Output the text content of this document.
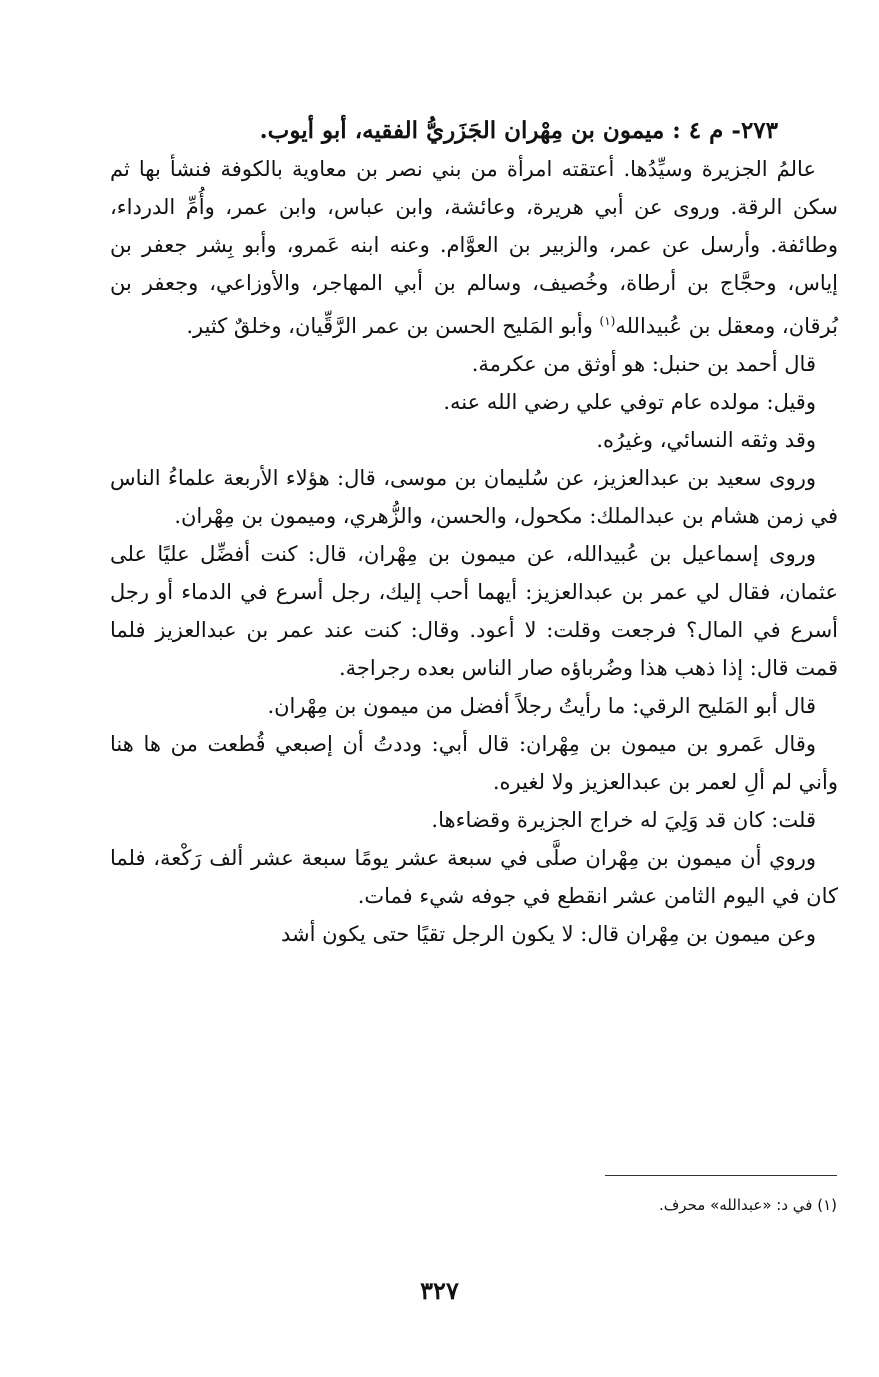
٢٧٣- م ٤ : ميمون بن مِهْران الجَزَريُّ الفقيه، أبو أيوب.

عالمُ الجزيرة وسيِّدُها. أعتقته امرأة من بني نصر بن معاوية بالكوفة فنشأ بها ثم سكن الرقة. وروى عن أبي هريرة، وعائشة، وابن عباس، وابن عمر، وأُمِّ الدرداء، وطائفة. وأرسل عن عمر، والزبير بن العوَّام. وعنه ابنه عَمرو، وأبو بِشر جعفر بن إياس، وحجَّاج بن أرطاة، وخُصيف، وسالم بن أبي المهاجر، والأوزاعي، وجعفر بن بُرقان، ومعقل بن عُبيدالله$^{(١)}$ وأبو المَليح الحسن بن عمر الرَّقِّيان، وخلقٌ كثير.

قال أحمد بن حنبل: هو أوثق من عكرمة.

وقيل: مولده عام توفي علي رضي الله عنه.

وقد وثقه النسائي، وغيرُه.

وروى سعيد بن عبدالعزيز، عن سُليمان بن موسى، قال: هؤلاء الأربعة علماءُ الناس في زمن هشام بن عبدالملك: مكحول، والحسن، والزُّهري، وميمون بن مِهْران.

وروى إسماعيل بن عُبيدالله، عن ميمون بن مِهْران، قال: كنت أفضِّل عليًا على عثمان، فقال لي عمر بن عبدالعزيز: أيهما أحب إليك، رجل أسرع في الدماء أو رجل أسرع في المال؟ فرجعت وقلت: لا أعود. وقال: كنت عند عمر بن عبدالعزيز فلما قمت قال: إذا ذهب هذا وضُرباؤه صار الناس بعده رجراجة.

قال أبو المَليح الرقي: ما رأيتُ رجلاً أفضل من ميمون بن مِهْران.

وقال عَمرو بن ميمون بن مِهْران: قال أبي: وددتُ أن إصبعي قُطعت من ها هنا وأني لم ألِ لعمر بن عبدالعزيز ولا لغيره.

قلت: كان قد وَلِيَ له خراج الجزيرة وقضاءها.

وروي أن ميمون بن مِهْران صلَّى في سبعة عشر يومًا سبعة عشر ألف رَكْعة، فلما كان في اليوم الثامن عشر انقطع في جوفه شيء فمات.

وعن ميمون بن مِهْران قال: لا يكون الرجل تقيًا حتى يكون أشد

(١) في د: «عبدالله» محرف.
٣٢٧
